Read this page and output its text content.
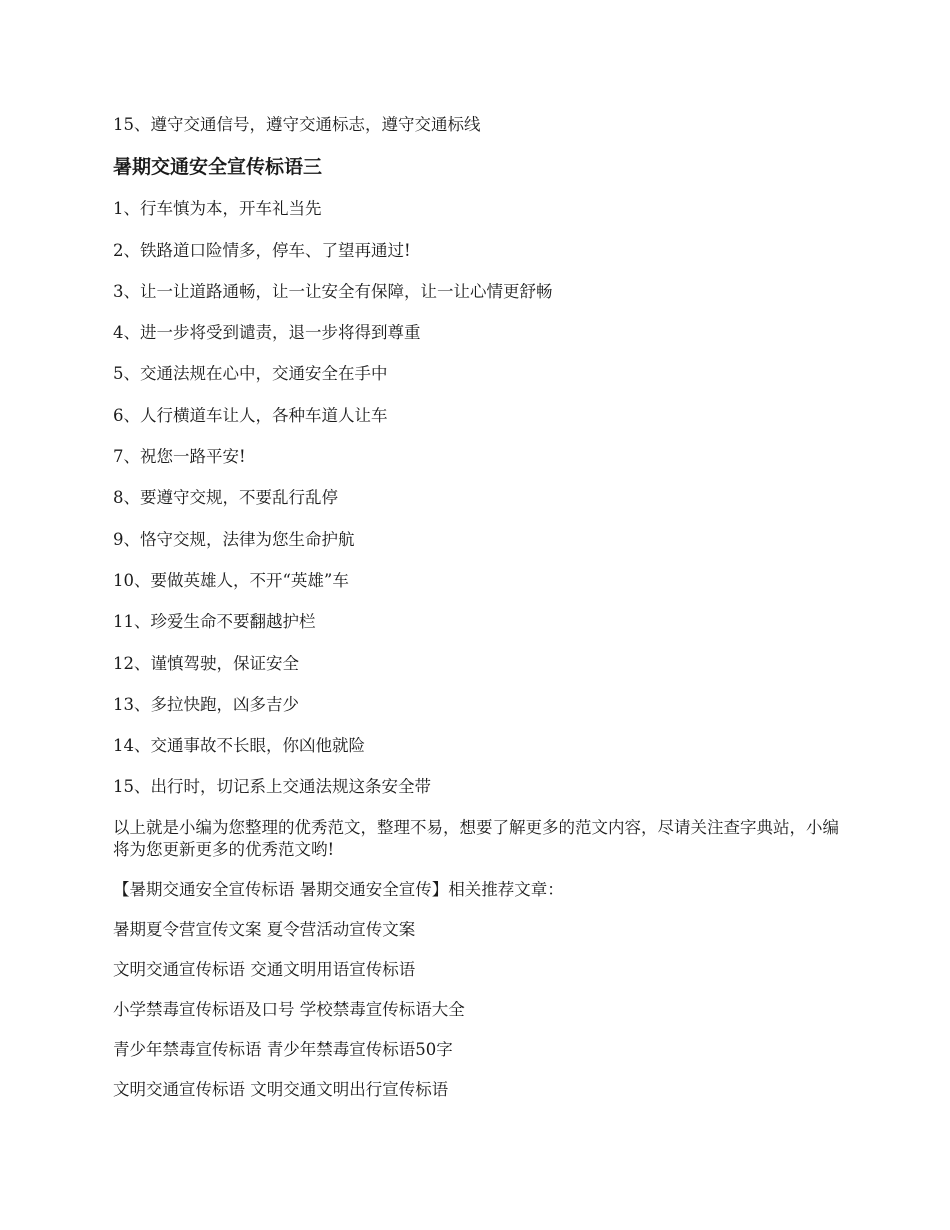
15、遵守交通信号，遵守交通标志，遵守交通标线
暑期交通安全宣传标语三
1、行车慎为本，开车礼当先
2、铁路道口险情多，停车、了望再通过!
3、让一让道路通畅，让一让安全有保障，让一让心情更舒畅
4、进一步将受到谴责，退一步将得到尊重
5、交通法规在心中，交通安全在手中
6、人行横道车让人，各种车道人让车
7、祝您一路平安!
8、要遵守交规，不要乱行乱停
9、恪守交规，法律为您生命护航
10、要做英雄人，不开“英雄”车
11、珍爱生命不要翻越护栏
12、谨慎驾驶，保证安全
13、多拉快跑，凶多吉少
14、交通事故不长眼，你凶他就险
15、出行时，切记系上交通法规这条安全带
以上就是小编为您整理的优秀范文，整理不易，想要了解更多的范文内容，尽请关注查字典站，小编将为您更新更多的优秀范文哟!
【暑期交通安全宣传标语 暑期交通安全宣传】相关推荐文章：
暑期夏令营宣传文案 夏令营活动宣传文案
文明交通宣传标语 交通文明用语宣传标语
小学禁毒宣传标语及口号 学校禁毒宣传标语大全
青少年禁毒宣传标语 青少年禁毒宣传标语50字
文明交通宣传标语 文明交通文明出行宣传标语
